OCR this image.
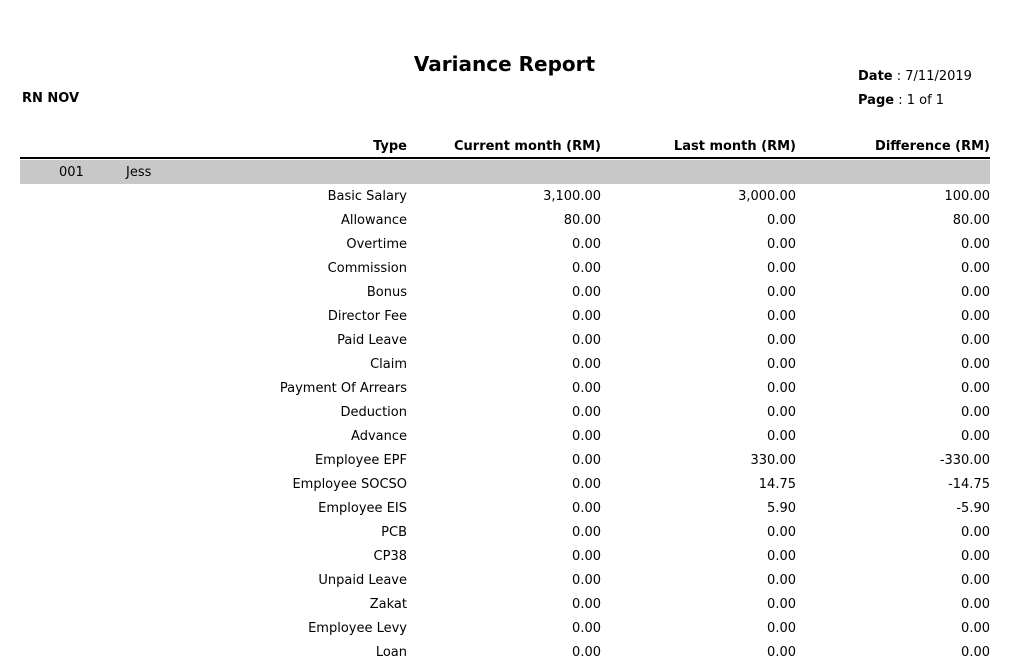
Variance Report
RN NOV
Date : 7/11/2019
Page : 1 of 1
Type	Current month (RM)	Last month (RM)	Difference (RM)
001	Jess
Basic Salary	3,100.00	3,000.00	100.00
Allowance	80.00	0.00	80.00
Overtime	0.00	0.00	0.00
Commission	0.00	0.00	0.00
Bonus	0.00	0.00	0.00
Director Fee	0.00	0.00	0.00
Paid Leave	0.00	0.00	0.00
Claim	0.00	0.00	0.00
Payment Of Arrears	0.00	0.00	0.00
Deduction	0.00	0.00	0.00
Advance	0.00	0.00	0.00
Employee EPF	0.00	330.00	-330.00
Employee SOCSO	0.00	14.75	-14.75
Employee EIS	0.00	5.90	-5.90
PCB	0.00	0.00	0.00
CP38	0.00	0.00	0.00
Unpaid Leave	0.00	0.00	0.00
Zakat	0.00	0.00	0.00
Employee Levy	0.00	0.00	0.00
Loan	0.00	0.00	0.00
